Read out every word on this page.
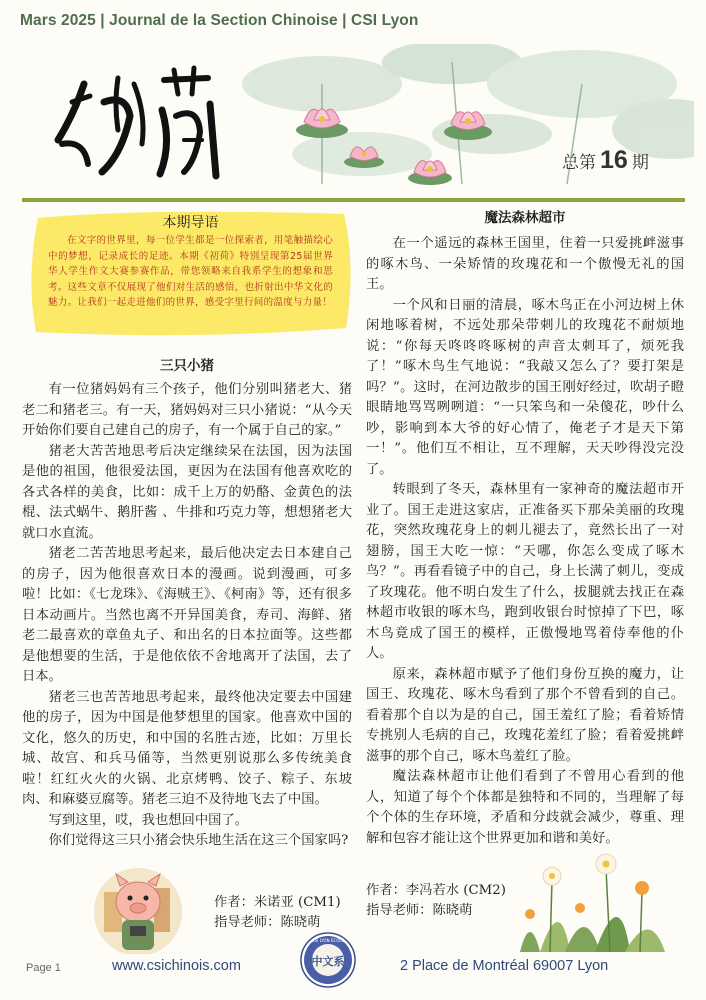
Mars 2025 | Journal de la Section Chinoise | CSI Lyon
总第 16 期
本期导语
在文字的世界里，每一位学生都是一位探索者，用笔触描绘心中的梦想，记录成长的足迹。本期《初荷》特别呈现第25届世界华人学生作文大赛参赛作品，带您领略来自我系学生的想象和思考。这些文章不仅展现了他们对生活的感悟，也折射出中华文化的魅力。让我们一起走进他们的世界，感受字里行间的温度与力量！
三只小猪

有一位猪妈妈有三个孩子，他们分别叫猪老大、猪老二和猪老三。有一天，猪妈妈对三只小猪说：“从今天开始你们要自己建自己的房子，有一个属于自己的家。”

猪老大苦苦地思考后决定继续呆在法国，因为法国是他的祖国，他很爱法国，更因为在法国有他喜欢吃的各式各样的美食，比如：成千上万的奶酪、金黄色的法棍、法式蜗牛、鹅肝酱 、牛排和巧克力等，想想猪老大就口水直流。

猪老二苦苦地思考起来，最后他决定去日本建自己的房子，因为他很喜欢日本的漫画。说到漫画，可多啦！比如：《七龙珠》、《海贼王》、《柯南》等，还有很多日本动画片。当然也离不开异国美食，寿司、海鲜、猪老二最喜欢的章鱼丸子、和出名的日本拉面等。这些都是他想要的生活，于是他依依不舍地离开了法国，去了日本。

猪老三也苦苦地思考起来，最终他决定要去中国建他的房子，因为中国是他梦想里的国家。他喜欢中国的文化，悠久的历史，和中国的名胜古迹，比如：万里长城、故宫、和兵马俑等，当然更别说那么多传统美食啦！红红火火的火锅、北京烤鸭、饺子、粽子、东坡肉、和麻婆豆腐等。猪老三迫不及待地飞去了中国。

写到这里，哎，我也想回中国了。

你们觉得这三只小猪会快乐地生活在这三个国家吗?

作者：米诺亚 (CM1)
指导老师：陈晓萌
魔法森林超市

在一个遥远的森林王国里，住着一只爱挑衅滋事的啄木鸟、一朵矫情的玫瑰花和一个傲慢无礼的国王。

一个风和日丽的清晨，啄木鸟正在小河边树上休闲地啄着树，不远处那朵带刺儿的玫瑰花不耐烦地说：“你每天咚咚咚啄树的声音太刺耳了，烦死我了！”啄木鸟生气地说：“我敲又怎么了？要打架是吗？”。这时，在河边散步的国王刚好经过，吹胡子瞪眼睛地骂骂咧咧道：“一只笨鸟和一朵傻花，吵什么吵，影响到本大爷的好心情了，俺老子才是天下第一！”。他们互不相让，互不理解，天天吵得没完没了。

转眼到了冬天，森林里有一家神奇的魔法超市开业了。国王走进这家店，正准备买下那朵美丽的玫瑰花，突然玫瑰花身上的刺儿褪去了，竟然长出了一对翅膀，国王大吃一惊：“天哪，你怎么变成了啄木鸟？”。再看看镜子中的自己，身上长满了刺儿，变成了玫瑰花。他不明白发生了什么，拔腿就去找正在森林超市收银的啄木鸟，跑到收银台时惊掉了下巴，啄木鸟竟成了国王的模样，正傲慢地骂着侍奉他的仆人。

原来，森林超市赋予了他们身份互换的魔力，让国王、玫瑰花、啄木鸟看到了那个不曾看到的自己。看着那个自以为是的自己，国王羞红了脸；看着矫情专挑别人毛病的自己，玫瑰花羞红了脸；看着爱挑衅滋事的那个自己，啄木鸟羞红了脸。

魔法森林超市让他们看到了不曾用心看到的他人，知道了每个个体都是独特和不同的，当理解了每个个体的生存环境，矛盾和分歧就会减少，尊重、理解和包容才能让这个世界更加和谐和美好。

作者：李冯若水 (CM2)
指导老师：陈晓萌
Page 1	www.csichinois.com
CSI LYON ÉCOLE
中文系	2 Place de Montréal 69007 Lyon
